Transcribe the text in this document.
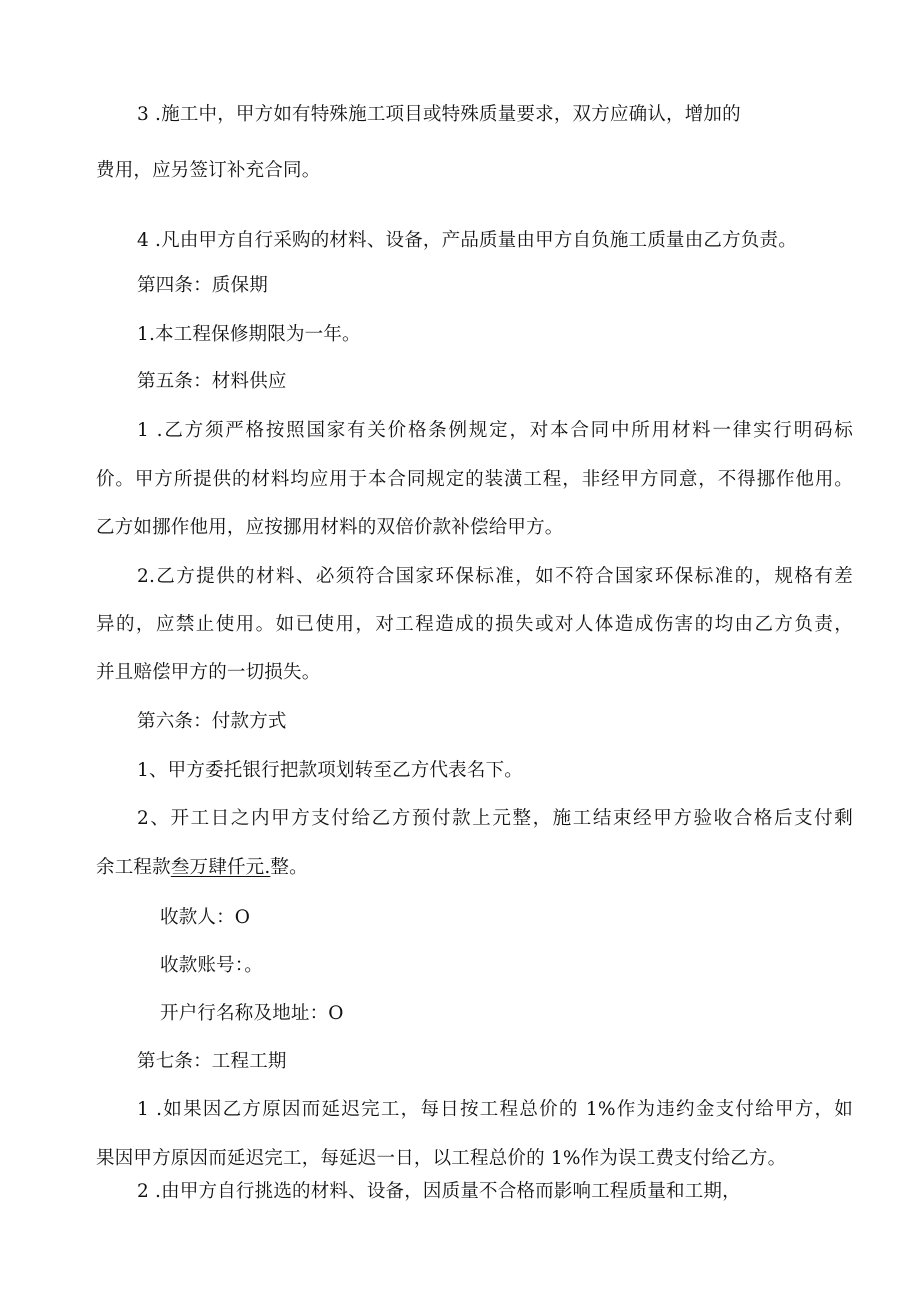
3 .施工中，甲方如有特殊施工项目或特殊质量要求，双方应确认，增加的
费用，应另签订补充合同。
4 .凡由甲方自行采购的材料、设备，产品质量由甲方自负施工质量由乙方负责。
第四条：质保期
1.本工程保修期限为一年。
第五条：材料供应
1 .乙方须严格按照国家有关价格条例规定，对本合同中所用材料一律实行明码标
价。甲方所提供的材料均应用于本合同规定的装潢工程，非经甲方同意，不得挪作他用。
乙方如挪作他用，应按挪用材料的双倍价款补偿给甲方。
2.乙方提供的材料、必须符合国家环保标准，如不符合国家环保标准的，规格有差
异的，应禁止使用。如已使用，对工程造成的损失或对人体造成伤害的均由乙方负责，
并且赔偿甲方的一切损失。
第六条：付款方式
1、甲方委托银行把款项划转至乙方代表名下。
2、开工日之内甲方支付给乙方预付款上元整，施工结束经甲方验收合格后支付剩
余工程款叁万肆仟元.整。
收款人：O
收款账号：。
开户行名称及地址：O
第七条：工程工期
1 .如果因乙方原因而延迟完工，每日按工程总价的 1%作为违约金支付给甲方，如
果因甲方原因而延迟完工，每延迟一日，以工程总价的 1%作为误工费支付给乙方。
2 .由甲方自行挑选的材料、设备，因质量不合格而影响工程质量和工期，
